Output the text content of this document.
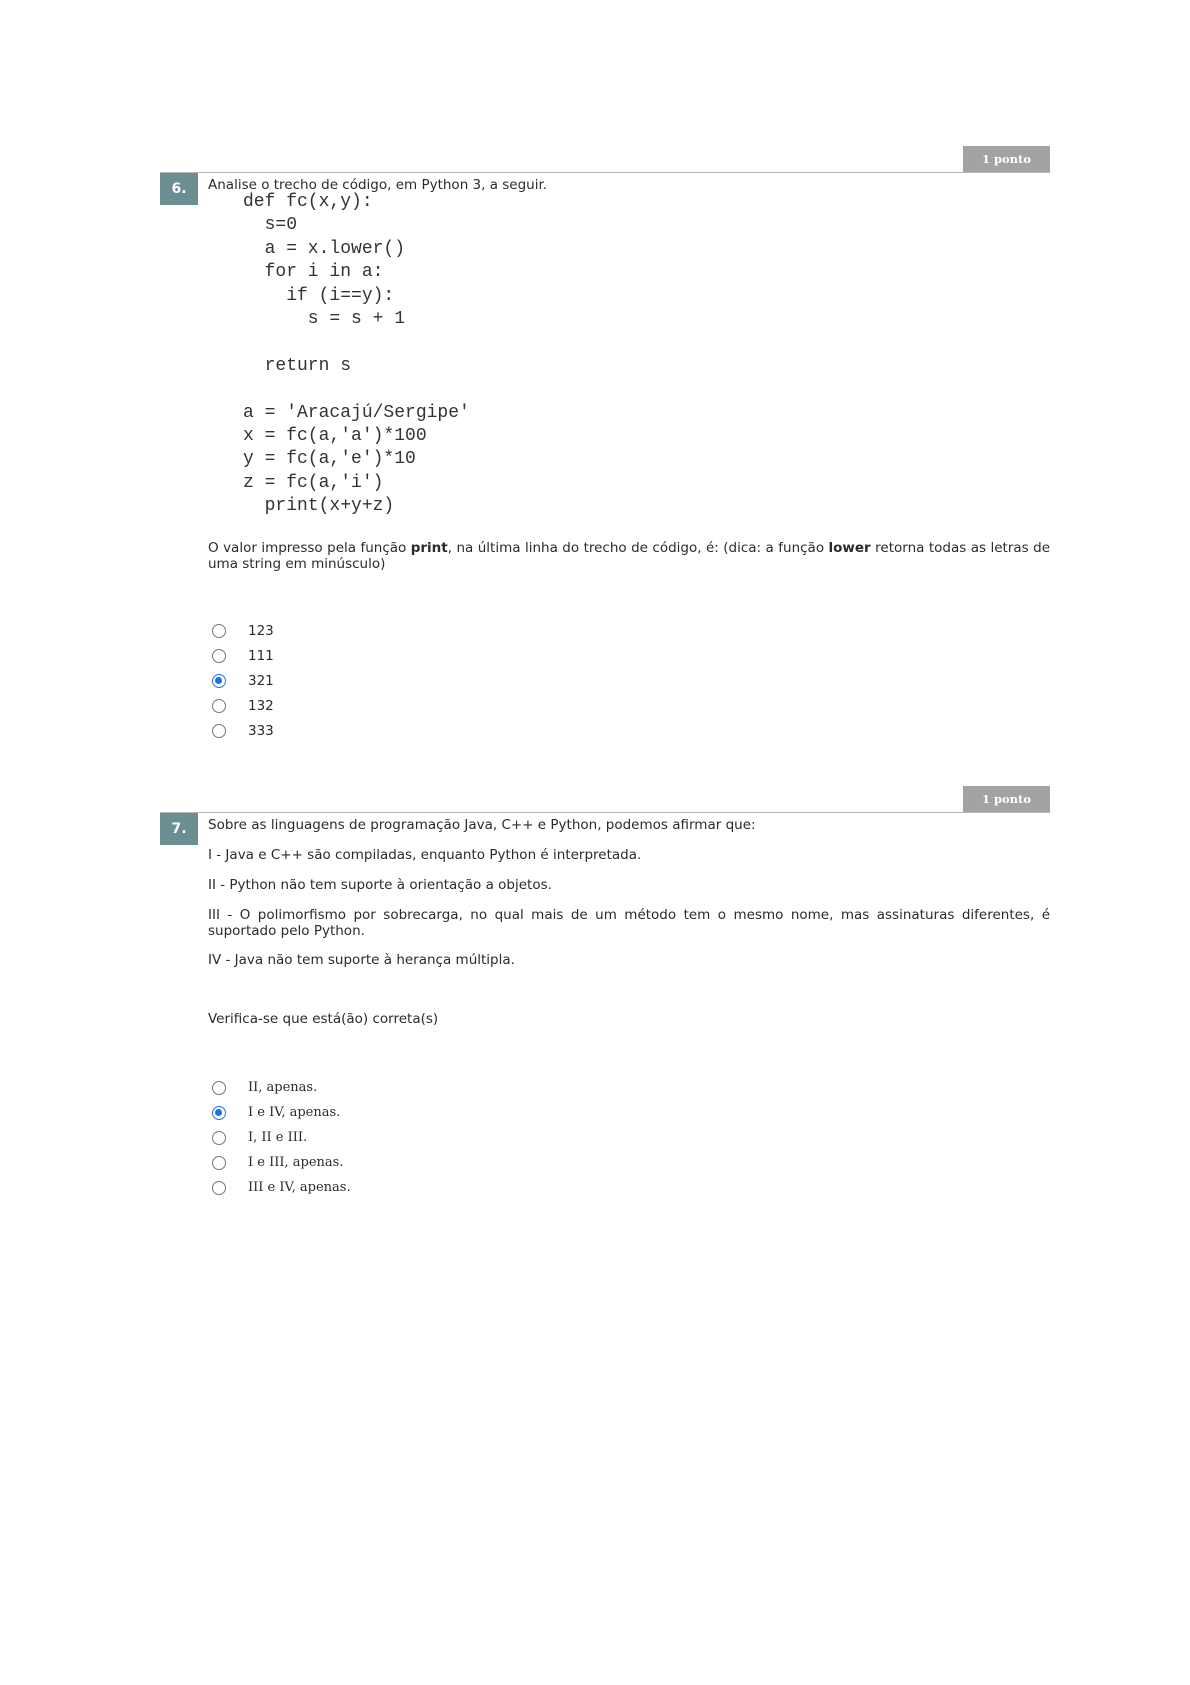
1 ponto
6.	Analise o trecho de código, em Python 3, a seguir.

def fc(x,y):
s=0
a = x.lower()
for i in a:
if (i==y):
s = s + 1

return s

a = 'Aracajú/Sergipe'
x = fc(a,'a')*100
y = fc(a,'e')*10
z = fc(a,'i')
print(x+y+z)

O valor impresso pela função print, na última linha do trecho de código, é: (dica: a função lower retorna todas as letras de uma string em minúsculo)

123
111
321
132
333
1 ponto
7.	Sobre as linguagens de programação Java, C++ e Python, podemos afirmar que:

I - Java e C++ são compiladas, enquanto Python é interpretada.

II - Python não tem suporte à orientação a objetos.

III - O polimorfismo por sobrecarga, no qual mais de um método tem o mesmo nome, mas assinaturas diferentes, é suportado pelo Python.

IV - Java não tem suporte à herança múltipla.

Verifica-se que está(ão) correta(s)

II, apenas.
I e IV, apenas.
I, II e III.
I e III, apenas.
III e IV, apenas.
